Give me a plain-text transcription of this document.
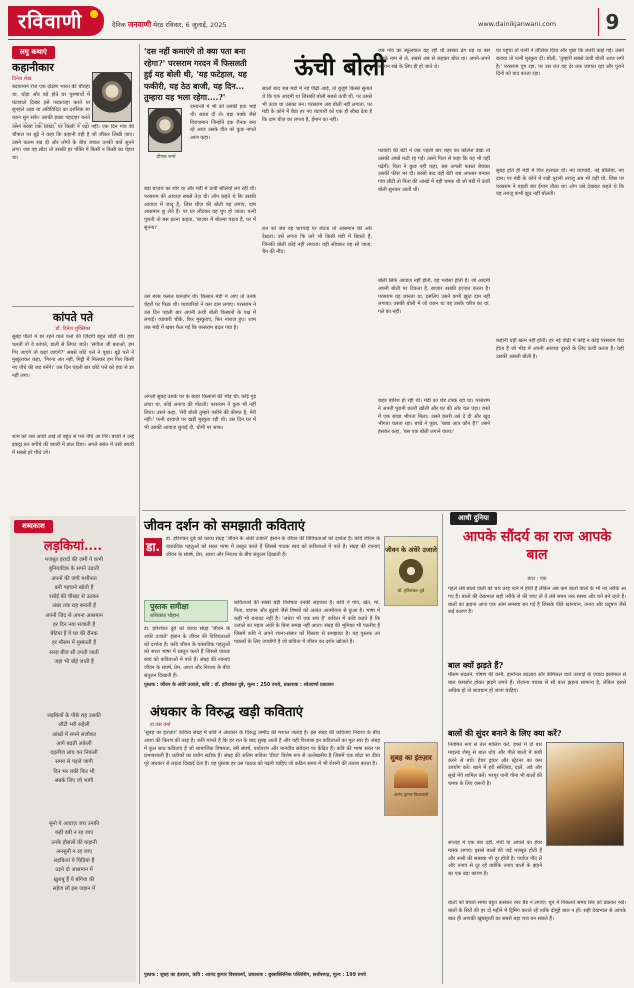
रविवाणी	दैनिक जनवाणी मेरठ रविवार, 6 जुलाई, 2025	www.dainikjanwani.com	9
लघु कथाएं
कहानीकार
दिनेश शेख
बदायमाने रोज एक दक्षिण भारत की चौराहा था, थोड़ा और बड़े होते घर पुरुषार्थो में घंटावाले दिखर इसे पदकारहा करते या सुनहले अज्ञा या अविविदित का दर्शनिक सा ध्यान सुन सके। उसकी इच्छा पहदाहर करते
उसने बरसों तक लिखा, पर किसी ने पढ़ा नहीं। एक दिन गांव की चौपाल पर बूढ़े ने कहा कि कहानी वही है जो जीकर लिखी जाए। उसने कलम रख दी और लोगों के बीच जाकर उनकी बातें सुनने लगा। जब वह लौटा तो उसकी हर पंक्ति में किसी न किसी का चेहरा था।
कांपते पते
डॉ. दिनेश शुक्लिका
सुबह पीलों में डर रहने वाले पत्तों की ज़िंदगी बहुत छोटी थी। हवा चलती तो वे कांपते, डाली से लिपट जाते। 'संगीता जी बताओ, हम गिर जाएंगे तो कहां जाएंगे?' सबसे छोटे पत्ते ने पूछा। बूढ़े पत्ते ने मुस्कुराकर कहा, 'गिरना अंत नहीं, मिट्टी में मिलकर हम फिर किसी नए पौधे की जड़ बनेंगे।' उस दिन पहली बार छोटे पत्ते को हवा से डर नहीं लगा।
शाम को जब आंधी आई तो बहुत से पत्ते नीचे आ गिरे। बच्चों ने उन्हें इकट्ठा कर बगीचे की क्यारी में डाल दिया। अगले बसंत में उसी क्यारी में सबसे हरे पौधे उगे।
शब्दकाश
लड़कियां....
मजबूत इरादों की ज़मीं पे कभी
बुनियादिक के सपने उड़ाती
अपनों की जगी मशीनता
बनी पहचाने खोती हैं
रसोई की चौखट से उठकर
अंबर तक राह बनाती हैं
अपनी जिद से अपना आसमान
हर दिन नया सजाती हैं
बेटियां हैं ये घर की रौनक
हर मौसम में मुस्काती हैं
सब्ज़ बीज सी उगती जाती
जहां भी बोई जाती हैं
लड़कियों के पीछे राह उसकी
लौटी भरी सहेली
आंखों में सपने सजोकर
आगे बढ़ती अकेली
दहलीज लांघ कर निकली
समय से पहले जागी
दिन भर थकी फिर भी
सबके लिए जो भागी
सुनो ये आवाज़ जरा उनकी
कहीं दबी न रह जाए
उनके हौसलों की कहानी
अनसुनी न रह जाए
लड़कियां ये चिड़ियां हैं
उड़ने दो आसमान में
ख़ुशबू हैं ये बगिया की
सहेज लो इस जहान में
'दस नहीं कमाएंगे तो क्या पता बना रहेगा?' परसराम गरदन में फिसलती हुई यह बोली थी, 'यह फटेहाल, यह फकीरी, यह ठेठ बाजी, यह दिन... तुम्हारा यह भला रहेगा....?'
दीपक शर्मा
दमयन्ती में भी को उसकी हया भाई थी। बस्ता दौ ले। बड़ा पक्के जैसे विराजमान जिन्होंने इक रौनक बना रहे आज उसके वीत को कुछ नापते आज कहा।
ऊंची बोली
बड़ा बाज़ार का शोर था और मंडी में ऊंची बोलियाँ लग रही थीं। परसराम की आवाज़ सबसे तेज़ थी। लोग कहते थे कि उसकी आवाज़ में जादू है, जिस चीज़ की बोली वह लगाए, दाम आसमान छू लेते हैं। पर घर लौटकर वह चुप हो जाता। पत्नी पूछती तो बस इतना कहता, 'बाज़ार में बोलना पड़ता है, घर में सुनना।'
उस बरस फसल कमज़ोर थी। किसान मंडी में आए तो उनके चेहरों पर फिक्र थी। व्यापारियों ने कम दाम लगाए। परसराम ने उस दिन पहली बार अपनी ऊंची बोली किसानों के पक्ष में लगाई। व्यापारी चौंके, फिर मुस्कुराए, फिर नाराज़ हुए। शाम तक मंडी में खबर फैल गई कि परसराम बदल गया है।
अगली सुबह उसके घर के बाहर किसानों की भीड़ थी। कोई गुड़ लाया था, कोई अनाज की पोटली। परसराम ने कुछ भी नहीं लिया। उसने कहा, 'मेरी बोली तुम्हारे पसीने की कीमत है, मेरी नहीं।' पत्नी दरवाज़े पर खड़ी मुस्कुरा रही थी। उस दिन घर में भी उसकी आवाज़ सुनाई दी, धीमी पर साफ।
सालों बाद जब मंडी में नई पीढ़ी आई, तो बुज़ुर्ग किस्से सुनाते थे कि एक आदमी था जिसकी बोली सबसे ऊंची थी, पर उससे भी ऊंचा था उसका मन। परसराम अब बोली नहीं लगाता, पर मंडी के कोने में बैठा हर नए व्यापारी को एक ही सीख देता है कि दाम चीज़ का लगता है, ईमान का नहीं।
रात को जब वह चारपाई पर लेटता तो आसमान की ओर देखता। उसे लगता कि तारे भी किसी मंडी में बिकते हैं, जिनकी बोली कोई नहीं लगाता। यही सोचकर वह सो जाता, चैन की नींद।
जब गांव का स्कूलवाल यह रही थी उसका ढंग यह था बस उसके नाम से ले, सबसे अब से कहकर बोल था। अपने-अपने सामान रखे के लिए ही हो जाते थे।
पटवारी की बेटी ने जब पहली बार शहर का कॉलेज देखा तो उसकी आंखें फटी रह गईं। उसने पिता से कहा कि वह भी वहीं पढ़ेगी। पिता ने कुछ नहीं कहा, बस अगली फसल बेचकर उसकी फीस भर दी। बरसों बाद वही बेटी जब अफसर बनकर गांव लौटी तो पिता की आंखों में वही चमक थी जो मंडी में ऊंची बोली सुनकर आती थी।
बोली सिर्फ आवाज़ नहीं होती, वह भरोसा होती है। जो आदमी अपनी बोली पर टिकता है, बाज़ार उसकी इज़्ज़त करता है। परसराम यह जानता था, इसलिए उसने कभी झूठा दाम नहीं लगाया। उसकी बोली में जो वज़न था वह उसके चरित्र का था, गले का नहीं।
बाहर बारिश हो रही थी। मंडी का शेड टपक रहा था। परसराम ने अपनी पुरानी छतरी खोली और घर की ओर चल पड़ा। रास्ते में एक बच्चा भीगता मिला। उसने छतरी उसे दे दी और खुद भीगता चलता रहा। बच्चे ने पूछा, 'बाबा आप कौन हैं?' उसने हंसकर कहा, 'बस एक बोली लगाने वाला।'
घर पहुंचा तो पत्नी ने तौलिया दिया और पूछा कि छतरी कहां गई। उसने बताया तो पत्नी मुस्कुरा दी। बोली, 'तुम्हारी सबसे ऊंची बोली आज लगी है।' परसराम चुप रहा, पर उस रात वह देर तक जागता रहा और पुराने दिनों को याद करता रहा।
सुबह होते ही मंडी में फिर हलचल थी। नए व्यापारी, नई बोलियां, नए दाम। पर मंडी के कोने में रखी पुरानी तराज़ू अब भी वहीं थी, जिस पर परसराम ने पहली बार ईमान तौला था। लोग उसे देखकर कहते थे कि यह तराज़ू कभी झूठ नहीं बोलती।
कहानी यहीं खत्म नहीं होती। हर नई पीढ़ी में कोई न कोई परसराम पैदा होता है जो भीड़ में अपनी आवाज़ दूसरों के लिए ऊंची करता है। यही उसकी असली बोली है।
आधी दुनिया
जीवन दर्शन को समझाती कविताएं
डा.
डा. हरिशंकर दुबे को काव्य संग्रह 'जीवन के अंधेरे उजाले' इंसान के जीवन की विविधताओं को दर्शाता है। कवि जीवन के वास्तविक पहलुओं को सरल भाषा में प्रस्तुत करते हैं जिससे पाठक स्वयं को कविताओं में पाते हैं। संग्रह की रचनाएं जीवन के संघर्ष, प्रेम, आशा और निराशा के बीच संतुलन दिखाती हैं।
पुस्तक समीक्षा
शशिकांत चौहान
कविताओं की सबसे बड़ी विशेषता उनकी सहजता है। कवि ने गांव, खेत, मां, पिता, बचपन और बुढ़ापे जैसे विषयों को अत्यंत आत्मीयता से छुआ है। भाषा में कहीं भी बनावट नहीं है। 'अंधेरा भी एक सच है' कविता में कवि कहते हैं कि उजाले का महत्व अंधेरे के बिना समझ नहीं आता। संग्रह की भूमिका भी पठनीय है जिसमें कवि ने अपने रचना-संसार को विस्तार से समझाया है। यह पुस्तक उन पाठकों के लिए उपयोगी है जो कविता में जीवन का दर्शन खोजते हैं।
डा. हरिशंकर दुबे को काव्य संग्रह 'जीवन के अंधेरे उजाले' इंसान के जीवन की विविधताओं को दर्शाता है। कवि जीवन के वास्तविक पहलुओं को सरल भाषा में प्रस्तुत करते हैं जिससे पाठक स्वयं को कविताओं में पाते हैं। संग्रह की रचनाएं जीवन के संघर्ष, प्रेम, आशा और निराशा के बीच संतुलन दिखाती हैं।
पुस्तक : जीवन के अंधेरे उजाले, कवि : डॉ. हरिशंकर दुबे, मूल्य : 250 रुपये, प्रकाशक : श्वेतवर्णा प्रकाशन
जीवन के अंधेरे उजाले
डॉ. हरिशंकर दुबे
अंधकार के विरुद्ध खड़ी कविताएं
डा.वस वर्मा
'सुबह का इंतज़ार' कविता संग्रह में कवि ने अंधकार के विरुद्ध उम्मीद की मशाल जलाई है। इस संग्रह की कविताएं निराशा के बीच आशा की किरण की तरह हैं। कवि मानते हैं कि हर रात के बाद सुबह आती है और यही विश्वास इन कविताओं का मूल स्वर है। संग्रह में कुल साठ कविताएं हैं जो सामाजिक विषमता, स्त्री संघर्ष, पर्यावरण और मानवीय संवेदना पर केंद्रित हैं। कवि की भाषा सरल पर प्रभावशाली है। प्रतीकों का प्रयोग सटीक है। संग्रह की अंतिम कविता 'दीया' विशेष रूप से उल्लेखनीय है जिसमें एक छोटा सा दीया पूरे अंधकार से लड़ता दिखाई देता है। यह पुस्तक हर उस पाठक को पढ़नी चाहिए जो कठिन समय में भी रोशनी की तलाश करता है।
पुस्तक : सुबह का इंतज़ार, कवि : आनंद कुमार विश्वकर्मा, प्रकाशक : बुक्सक्लिनिक पब्लिशिंग, छत्तीसगढ़, मूल्य : 199 रुपये
सुबह का इंतज़ार
आनंद कुमार विश्वकर्मा
आपके सौंदर्य का राज आपके बाल
बाल : पंक
पहले लंबे बालों वाली को चार तरह पाने में होती है लेकिन अब कम बालों वालों के भी नए तरीके आ गए हैं। बालों की देखभाल सही तरीके से की जाए तो वे लंबे समय तक स्वस्थ और घने बने रहते हैं। बालों का झड़ना आज एक आम समस्या बन गई है जिसके पीछे खानपान, तनाव और प्रदूषण जैसे कई कारण हैं।
बाल क्यों झड़ते हैं?
मौसम बदलने, पोषण की कमी, हार्मोनल बदलाव और केमिकल वाले उत्पादों के ज़्यादा इस्तेमाल से बाल कमज़ोर होकर झड़ने लगते हैं। रोज़ाना पचास से सौ बाल झड़ना सामान्य है, लेकिन इससे अधिक हो तो सावधान हो जाना चाहिए।
बालों की सुंदर बनाने के लिए क्या करें?
नियमित रूप से तेल मालिश करें, हफ्ते में दो बार माइल्ड शैम्पू से बाल धोएं और गीले बालों में कंघी करने से बचें। हेयर ड्रायर और स्ट्रेटनर का कम उपयोग करें। खाने में हरी सब्ज़ियां, दालें, अंडे और सूखे मेवे शामिल करें। भरपूर पानी पीना भी बालों की चमक के लिए ज़रूरी है।
सप्ताह में एक बार दही, मेथी या आंवले का हेयर मास्क लगाएं। इससे बालों की जड़ें मज़बूत होती हैं और रूसी की समस्या भी दूर होती है। पर्याप्त नींद लें और तनाव से दूर रहें क्योंकि तनाव बालों के झड़ने का एक बड़ा कारण है।
बालों को बांधते समय बहुत कसकर रबर बैंड न लगाएं। धूप में निकलते समय सिर को ढककर रखें। बालों के सिरों की हर दो महीने में ट्रिमिंग कराते रहें ताकि दोमुंहे बाल न हों। सही देखभाल से आपके बाल ही आपकी खूबसूरती का सबसे बड़ा राज बन सकते हैं।
